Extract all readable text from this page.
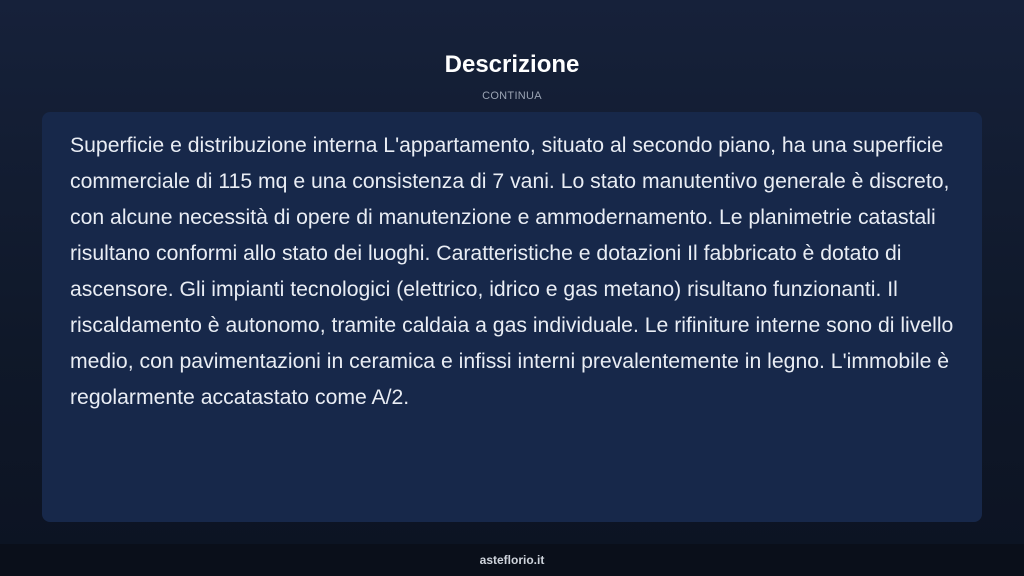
Descrizione
CONTINUA

Superficie e distribuzione interna L'appartamento, situato al secondo piano, ha una superficie commerciale di 115 mq e una consistenza di 7 vani. Lo stato manutentivo generale è discreto, con alcune necessità di opere di manutenzione e ammodernamento. Le planimetrie catastali risultano conformi allo stato dei luoghi. Caratteristiche e dotazioni Il fabbricato è dotato di ascensore. Gli impianti tecnologici (elettrico, idrico e gas metano) risultano funzionanti. Il riscaldamento è autonomo, tramite caldaia a gas individuale. Le rifiniture interne sono di livello medio, con pavimentazioni in ceramica e infissi interni prevalentemente in legno. L'immobile è regolarmente accatastato come A/2.

asteflorio.it
